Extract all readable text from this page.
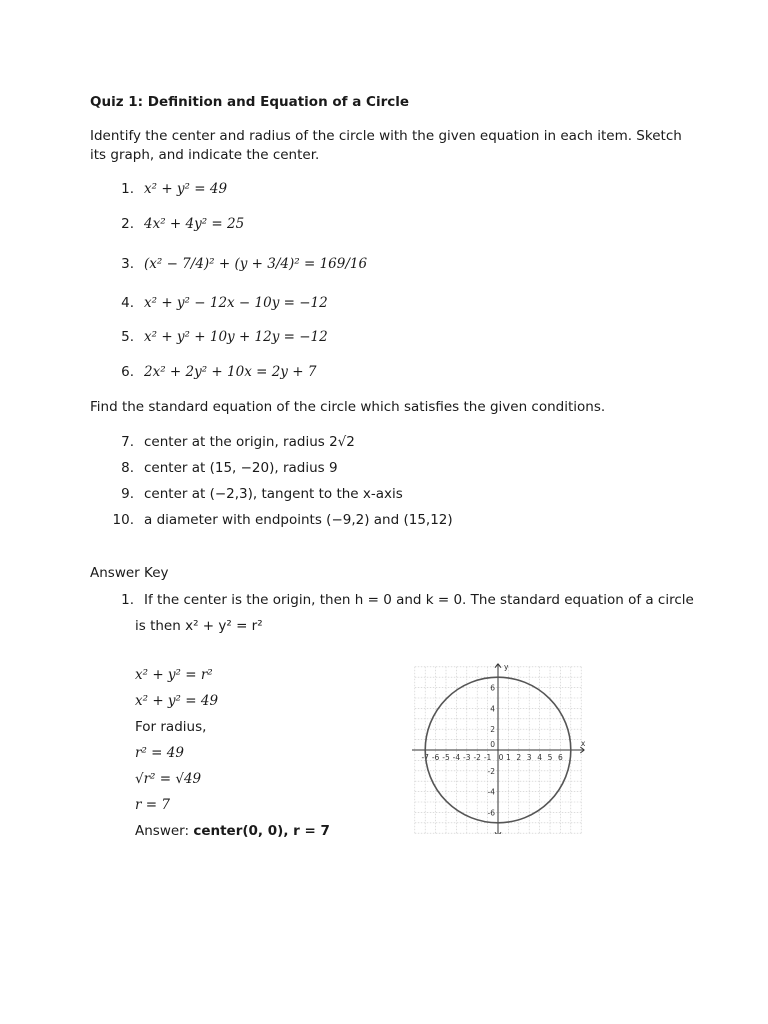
Quiz 1: Definition and Equation of a Circle
Identify the center and radius of the circle with the given equation in each item. Sketch
its graph, and indicate the center.
1. x² + y² = 49
2. 4x² + 4y² = 25
3. (x² − 7/4)² + (y + 3/4)² = 169/16
4. x² + y² − 12x − 10y = −12
5. x² + y² + 10y + 12y = −12
6. 2x² + 2y² + 10x = 2y + 7
Find the standard equation of the circle which satisfies the given conditions.
7. center at the origin, radius 2√2
8. center at (15, −20), radius 9
9. center at (−2,3), tangent to the x-axis
10. a diameter with endpoints (−9,2) and (15,12)
Answer Key
1. If the center is the origin, then h = 0 and k = 0. The standard equation of a circle
is then x² + y² = r²
x² + y² = r²
x² + y² = 49
For radius,
r² = 49
√r² = √49
r = 7
Answer: center(0, 0), r = 7
x
y
-7 -6 -5 -4 -3 -2 -1 0 1 2 3 4 5 6
6
4
2
-2
-4
-6
0
